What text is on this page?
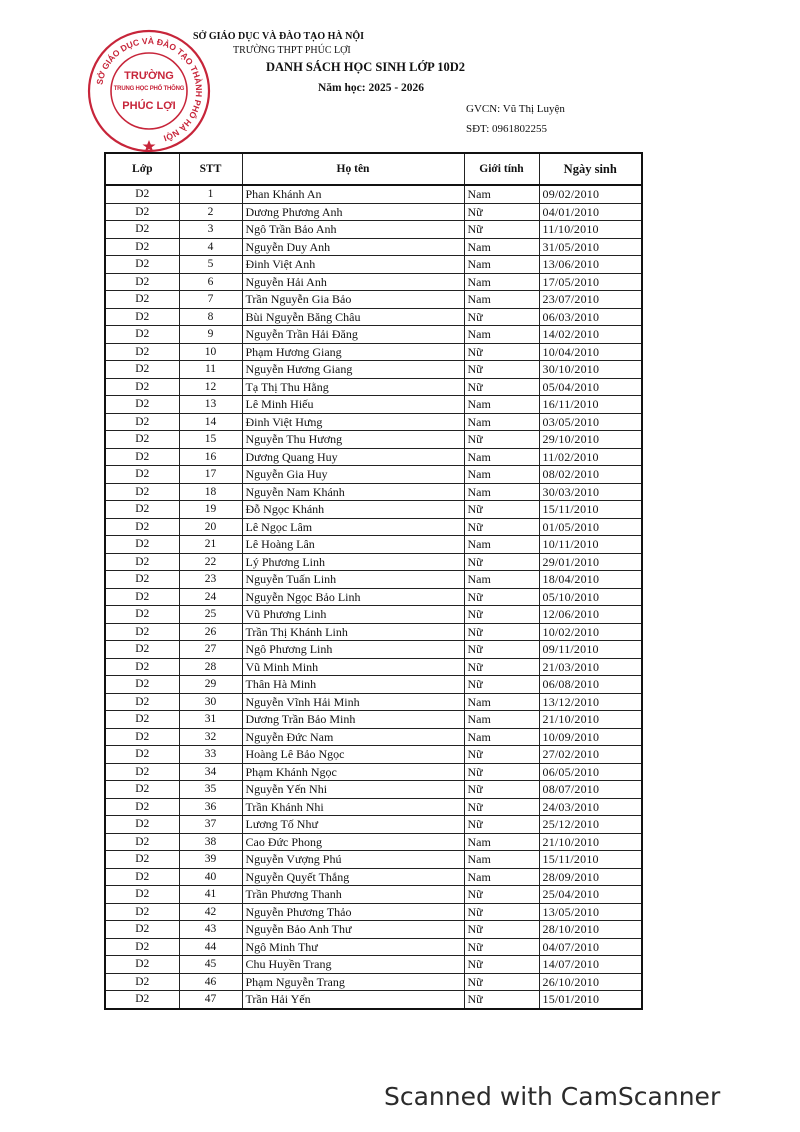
SỞ GIÁO DỤC VÀ ĐÀO TẠO THÀNH PHỐ HÀ NỘI
TRƯỜNG
TRUNG HỌC PHỔ THÔNG
PHÚC LỢI
SỞ GIÁO DỤC VÀ ĐÀO TẠO HÀ NỘI
TRƯỜNG THPT PHÚC LỢI
DANH SÁCH HỌC SINH LỚP 10D2
Năm học: 2025 - 2026
GVCN: Vũ Thị Luyện
SĐT: 0961802255
Lớp	STT	Họ tên	Giới tính	Ngày sinh
D2	1	Phan Khánh An	Nam	09/02/2010
D2	2	Dương Phương Anh	Nữ	04/01/2010
D2	3	Ngô Trần Bảo Anh	Nữ	11/10/2010
D2	4	Nguyễn Duy Anh	Nam	31/05/2010
D2	5	Đinh Việt Anh	Nam	13/06/2010
D2	6	Nguyễn Hải Anh	Nam	17/05/2010
D2	7	Trần Nguyễn Gia Bảo	Nam	23/07/2010
D2	8	Bùi Nguyễn Băng Châu	Nữ	06/03/2010
D2	9	Nguyễn Trần Hải Đăng	Nam	14/02/2010
D2	10	Phạm Hương Giang	Nữ	10/04/2010
D2	11	Nguyễn Hương Giang	Nữ	30/10/2010
D2	12	Tạ Thị Thu Hằng	Nữ	05/04/2010
D2	13	Lê Minh Hiếu	Nam	16/11/2010
D2	14	Đinh Việt Hưng	Nam	03/05/2010
D2	15	Nguyễn Thu Hương	Nữ	29/10/2010
D2	16	Dương Quang Huy	Nam	11/02/2010
D2	17	Nguyễn Gia Huy	Nam	08/02/2010
D2	18	Nguyễn Nam Khánh	Nam	30/03/2010
D2	19	Đỗ Ngọc Khánh	Nữ	15/11/2010
D2	20	Lê Ngọc Lâm	Nữ	01/05/2010
D2	21	Lê Hoàng Lân	Nam	10/11/2010
D2	22	Lý Phương Linh	Nữ	29/01/2010
D2	23	Nguyễn Tuấn Linh	Nam	18/04/2010
D2	24	Nguyễn Ngọc Bảo Linh	Nữ	05/10/2010
D2	25	Vũ Phương Linh	Nữ	12/06/2010
D2	26	Trần Thị Khánh Linh	Nữ	10/02/2010
D2	27	Ngô Phương Linh	Nữ	09/11/2010
D2	28	Vũ Minh Minh	Nữ	21/03/2010
D2	29	Thân Hà Minh	Nữ	06/08/2010
D2	30	Nguyễn Vĩnh Hải Minh	Nam	13/12/2010
D2	31	Dương Trần Bảo Minh	Nam	21/10/2010
D2	32	Nguyễn Đức Nam	Nam	10/09/2010
D2	33	Hoàng Lê Bảo Ngọc	Nữ	27/02/2010
D2	34	Phạm Khánh Ngọc	Nữ	06/05/2010
D2	35	Nguyễn Yến Nhi	Nữ	08/07/2010
D2	36	Trần Khánh Nhi	Nữ	24/03/2010
D2	37	Lương Tố Như	Nữ	25/12/2010
D2	38	Cao Đức Phong	Nam	21/10/2010
D2	39	Nguyễn Vượng Phú	Nam	15/11/2010
D2	40	Nguyễn Quyết Thắng	Nam	28/09/2010
D2	41	Trần Phương Thanh	Nữ	25/04/2010
D2	42	Nguyễn Phương Thảo	Nữ	13/05/2010
D2	43	Nguyễn Bảo Anh Thư	Nữ	28/10/2010
D2	44	Ngô Minh Thư	Nữ	04/07/2010
D2	45	Chu Huyền Trang	Nữ	14/07/2010
D2	46	Phạm Nguyễn Trang	Nữ	26/10/2010
D2	47	Trần Hải Yến	Nữ	15/01/2010
Scanned with CamScanner
